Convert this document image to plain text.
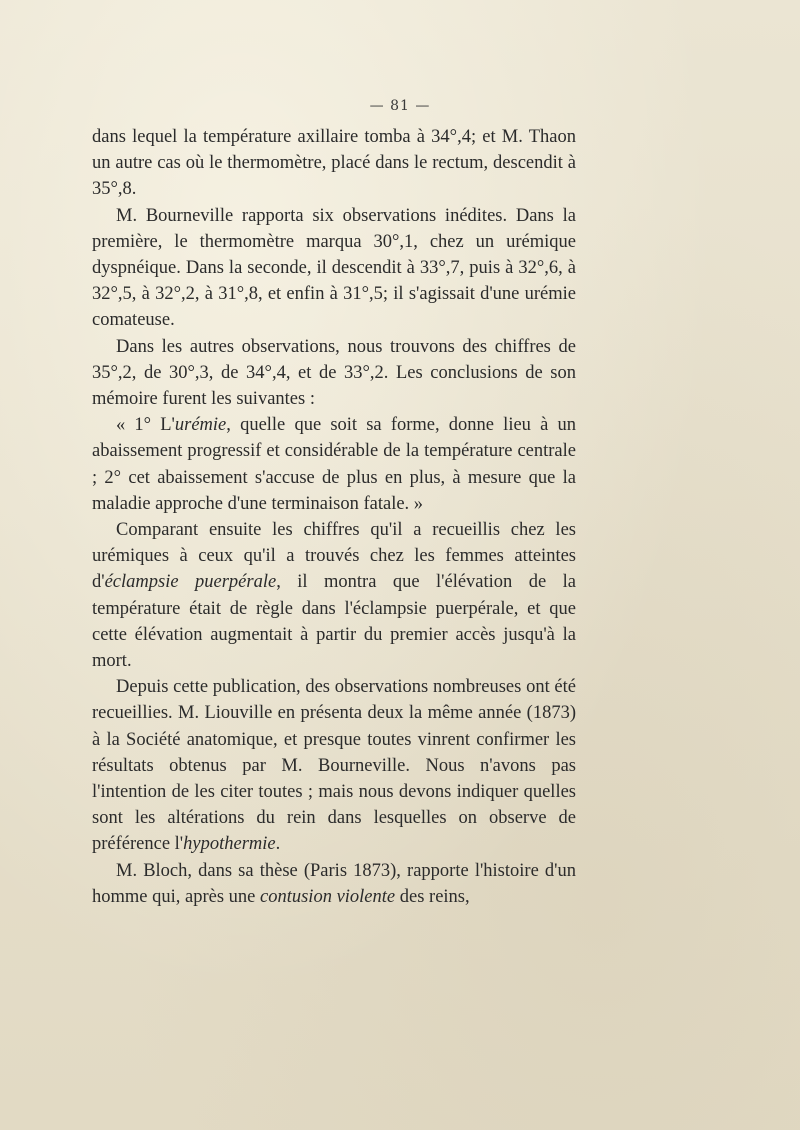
— 81 —

dans lequel la température axillaire tomba à 34°,4; et M. Thaon un autre cas où le thermomètre, placé dans le rectum, descendit à 35°,8.

M. Bourneville rapporta six observations inédites. Dans la première, le thermomètre marqua 30°,1, chez un urémique dyspnéique. Dans la seconde, il descendit à 33°,7, puis à 32°,6, à 32°,5, à 32°,2, à 31°,8, et enfin à 31°,5; il s'agissait d'une urémie comateuse.

Dans les autres observations, nous trouvons des chiffres de 35°,2, de 30°,3, de 34°,4, et de 33°,2. Les conclusions de son mémoire furent les suivantes :

« 1° L'urémie, quelle que soit sa forme, donne lieu à un abaissement progressif et considérable de la température centrale ; 2° cet abaissement s'accuse de plus en plus, à mesure que la maladie approche d'une terminaison fatale. »

Comparant ensuite les chiffres qu'il a recueillis chez les urémiques à ceux qu'il a trouvés chez les femmes atteintes d'éclampsie puerpérale, il montra que l'élévation de la température était de règle dans l'éclampsie puerpérale, et que cette élévation augmentait à partir du premier accès jusqu'à la mort.

Depuis cette publication, des observations nombreuses ont été recueillies. M. Liouville en présenta deux la même année (1873) à la Société anatomique, et presque toutes vinrent confirmer les résultats obtenus par M. Bourneville. Nous n'avons pas l'intention de les citer toutes ; mais nous devons indiquer quelles sont les altérations du rein dans lesquelles on observe de préférence l'hypothermie.

M. Bloch, dans sa thèse (Paris 1873), rapporte l'histoire d'un homme qui, après une contusion violente des reins,
